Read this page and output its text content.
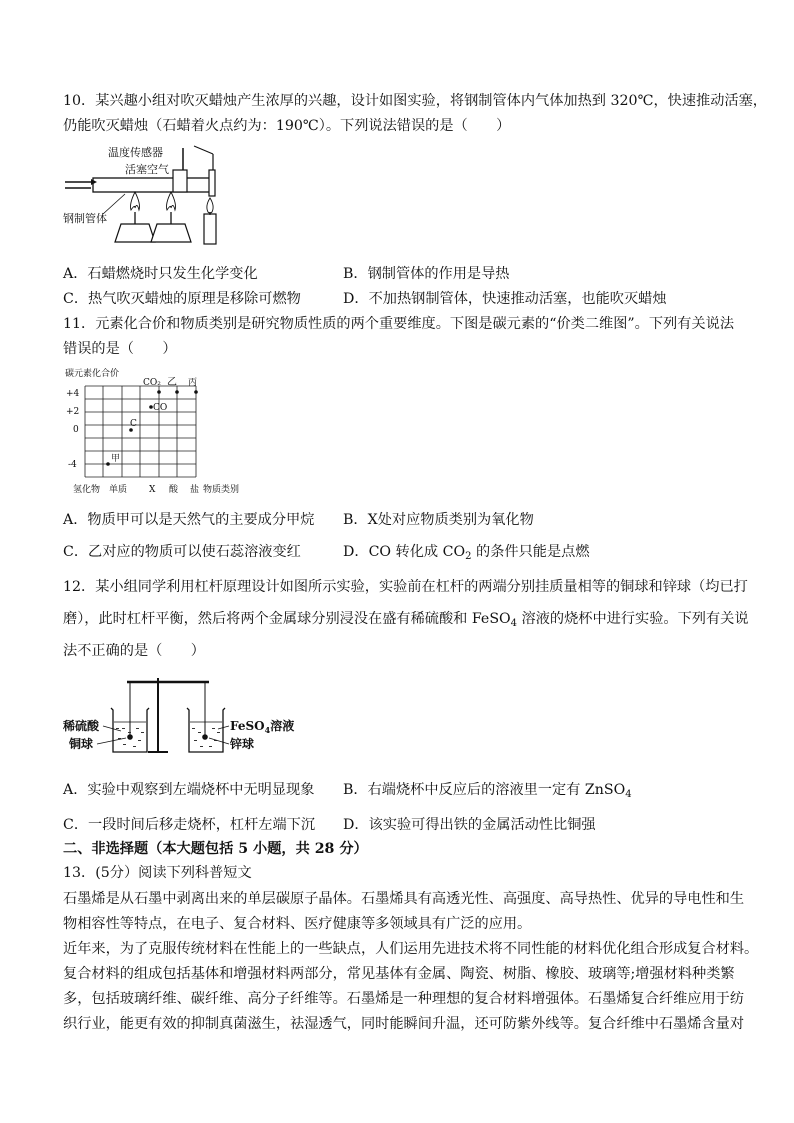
10．某兴趣小组对吹灭蜡烛产生浓厚的兴趣，设计如图实验，将钢制管体内气体加热到 320℃，快速推动活塞，
仍能吹灭蜡烛（石蜡着火点约为：190℃）。下列说法错误的是（　　）
温度传感器
活塞空气
钢制管体
A．石蜡燃烧时只发生化学变化	B．钢制管体的作用是导热
C．热气吹灭蜡烛的原理是移除可燃物	D．不加热钢制管体，快速推动活塞，也能吹灭蜡烛
11．元素化合价和物质类别是研究物质性质的两个重要维度。下图是碳元素的“价类二维图”。下列有关说法
错误的是（　　）
碳元素化合价
+4
+2
0
-4
氢化物 单质 X 酸 盐 物质类别
CO₂ 乙 丙
CO
C
甲
A．物质甲可以是天然气的主要成分甲烷 B．X处对应物质类别为氧化物
C．乙对应的物质可以使石蕊溶液变红	D．CO 转化成 $CO_2$ 的条件只能是点燃
12．某小组同学利用杠杆原理设计如图所示实验，实验前在杠杆的两端分别挂质量相等的铜球和锌球（均已打
磨），此时杠杆平衡，然后将两个金属球分别浸没在盛有稀硫酸和 FeSO$_4$ 溶液的烧杯中进行实验。下列有关说
法不正确的是（　　）
稀硫酸
铜球
FeSO$_4$溶液
锌球
A．实验中观察到左端烧杯中无明显现象 B．右端烧杯中反应后的溶液里一定有 ZnSO$_4$
C．一段时间后移走烧杯，杠杆左端下沉 D．该实验可得出铁的金属活动性比铜强
二、非选择题（本大题包括 5 小题，共 28 分）
13．(5分）阅读下列科普短文
石墨烯是从石墨中剥离出来的单层碳原子晶体。石墨烯具有高透光性、高强度、高导热性、优异的导电性和生
物相容性等特点，在电子、复合材料、医疗健康等多领域具有广泛的应用。
近年来，为了克服传统材料在性能上的一些缺点，人们运用先进技术将不同性能的材料优化组合形成复合材料。
复合材料的组成包括基体和增强材料两部分，常见基体有金属、陶瓷、树脂、橡胶、玻璃等;增强材料种类繁
多，包括玻璃纤维、碳纤维、高分子纤维等。石墨烯是一种理想的复合材料增强体。石墨烯复合纤维应用于纺
织行业，能更有效的抑制真菌滋生，祛湿透气，同时能瞬间升温，还可防紫外线等。复合纤维中石墨烯含量对
